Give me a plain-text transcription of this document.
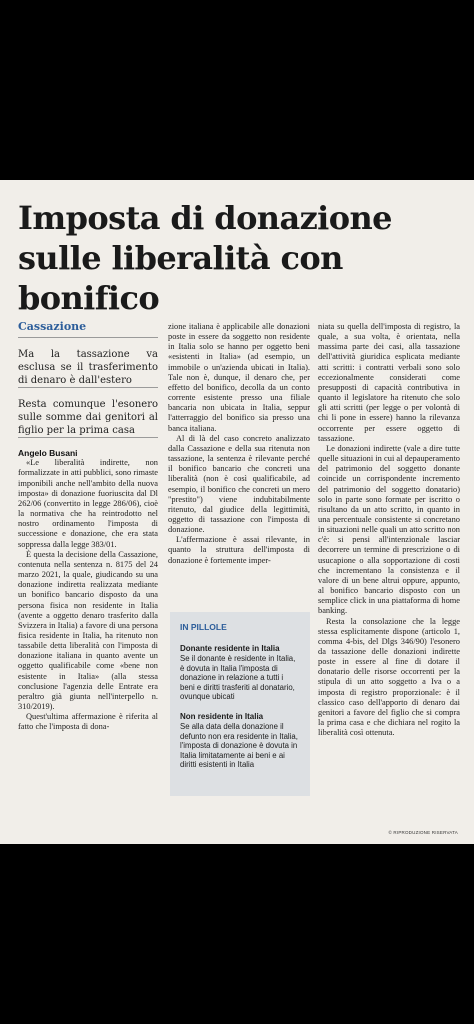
Imposta di donazione sulle liberalità con bonifico
Cassazione

Ma la tassazione va esclusa se il trasferimento di denaro è dall'estero

Resta comunque l'esonero sulle somme dai genitori al figlio per la prima casa

Angelo Busani

«Le liberalità indirette, non formalizzate in atti pubblici, sono rimaste imponibili anche nell'ambito della nuova imposta» di donazione fuoriuscita dal Dl 262/06 (convertito in legge 286/06), cioè la normativa che ha reintrodotto nel nostro ordinamento l'imposta di successione e donazione, che era stata soppressa dalla legge 383/01.

È questa la decisione della Cassazione, contenuta nella sentenza n. 8175 del 24 marzo 2021, la quale, giudicando su una donazione indiretta realizzata mediante un bonifico bancario disposto da una persona fisica non residente in Italia (avente a oggetto denaro trasferito dalla Svizzera in Italia) a favore di una persona fisica residente in Italia, ha ritenuto non tassabile detta liberalità con l'imposta di donazione italiana in quanto avente un oggetto qualificabile come «bene non esistente in Italia» (alla stessa conclusione l'agenzia delle Entrate era peraltro già giunta nell'interpello n. 310/2019).

Quest'ultima affermazione è riferita al fatto che l'imposta di dona-

zione italiana è applicabile alle donazioni poste in essere da soggetto non residente in Italia solo se hanno per oggetto beni «esistenti in Italia» (ad esempio, un immobile o un'azienda ubicati in Italia). Tale non è, dunque, il denaro che, per effetto del bonifico, decolla da un conto corrente esistente presso una filiale bancaria non ubicata in Italia, seppur l'atterraggio del bonifico sia presso una banca italiana.

Al di là del caso concreto analizzato dalla Cassazione e della sua ritenuta non tassazione, la sentenza è rilevante perché il bonifico bancario che concreti una liberalità (non è così qualificabile, ad esempio, il bonifico che concreti un mero "prestito") viene indubitabilmente ritenuto, dal giudice della legittimità, oggetto di tassazione con l'imposta di donazione.

L'affermazione è assai rilevante, in quanto la struttura dell'imposta di donazione è fortemente imper-

IN PILLOLE
Donante residente in Italia
Se il donante è residente in Italia, è dovuta in Italia l'imposta di donazione in relazione a tutti i beni e diritti trasferiti al donatario, ovunque ubicati
Non residente in Italia
Se alla data della donazione il defunto non era residente in Italia, l'imposta di donazione è dovuta in Italia limitatamente ai beni e ai diritti esistenti in Italia

niata su quella dell'imposta di registro, la quale, a sua volta, è orientata, nella massima parte dei casi, alla tassazione dell'attività giuridica esplicata mediante atti scritti: i contratti verbali sono solo eccezionalmente considerati come presupposti di capacità contributiva in quanto il legislatore ha ritenuto che solo gli atti scritti (per legge o per volontà di chi li pone in essere) hanno la rilevanza occorrente per essere oggetto di tassazione.

Le donazioni indirette (vale a dire tutte quelle situazioni in cui al depauperamento del patrimonio del soggetto donante coincide un corrispondente incremento del patrimonio del soggetto donatario) solo in parte sono formate per iscritto o risultano da un atto scritto, in quanto in una percentuale consistente si concretano in situazioni nelle quali un atto scritto non c'è: si pensi all'intenzionale lasciar decorrere un termine di prescrizione o di usucapione o alla sopportazione di costi che incrementano la consistenza e il valore di un bene altrui oppure, appunto, al bonifico bancario disposto con un semplice click in una piattaforma di home banking.

Resta la consolazione che la legge stessa esplicitamente dispone (articolo 1, comma 4-bis, del Dlgs 346/90) l'esonero da tassazione delle donazioni indirette poste in essere al fine di dotare il donatario delle risorse occorrenti per la stipula di un atto soggetto a Iva o a imposta di registro proporzionale: è il classico caso dell'apporto di denaro dai genitori a favore del figlio che si compra la prima casa e che dichiara nel rogito la liberalità così ottenuta.

© RIPRODUZIONE RISERVATA
